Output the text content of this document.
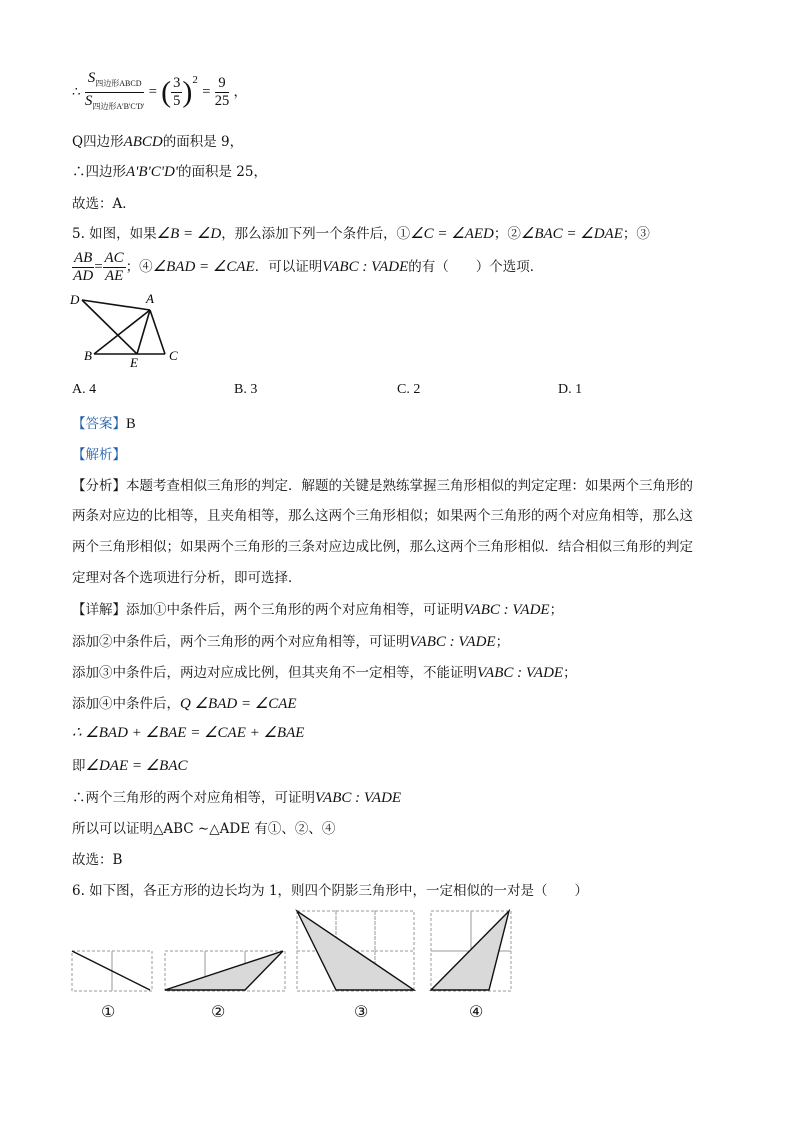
∴ $\frac{S_{四边形ABCD}}{S_{四边形A'B'C'D'}}$ = ( $\frac{3}{5} )^2 = \frac{9}{25}$ ，
Q四边形ABCD的面积是 9，
∴四边形A'B'C'D'的面积是 25，
故选：A．
5. 如图，如果∠B = ∠D，那么添加下列一个条件后，①∠C = ∠AED；②∠BAC = ∠DAE；③
$\frac{AB}{AD} = \frac{AC}{AE}$ ；④∠BAD = ∠CAE．可以证明VABC : VADE的有（　　）个选项．
D	A
B	E C
A. 4	B. 3	C. 2	D. 1
【答案】B
【解析】
【分析】本题考查相似三角形的判定．解题的关键是熟练掌握三角形相似的判定定理：如果两个三角形的
两条对应边的比相等，且夹角相等，那么这两个三角形相似；如果两个三角形的两个对应角相等，那么这
两个三角形相似；如果两个三角形的三条对应边成比例，那么这两个三角形相似．结合相似三角形的判定
定理对各个选项进行分析，即可选择．
【详解】添加①中条件后，两个三角形的两个对应角相等，可证明VABC : VADE；
添加②中条件后，两个三角形的两个对应角相等，可证明VABC : VADE；
添加③中条件后，两边对应成比例，但其夹角不一定相等，不能证明VABC : VADE；
添加④中条件后，Q ∠BAD = ∠CAE
∴ ∠BAD + ∠BAE = ∠CAE + ∠BAE
即∠DAE = ∠BAC
∴两个三角形的两个对应角相等，可证明VABC : VADE
所以可以证明△ABC ∼△ADE 有①、②、④
故选：B
6. 如下图，各正方形的边长均为 1，则四个阴影三角形中，一定相似的一对是（　　）
①	②	③	④
